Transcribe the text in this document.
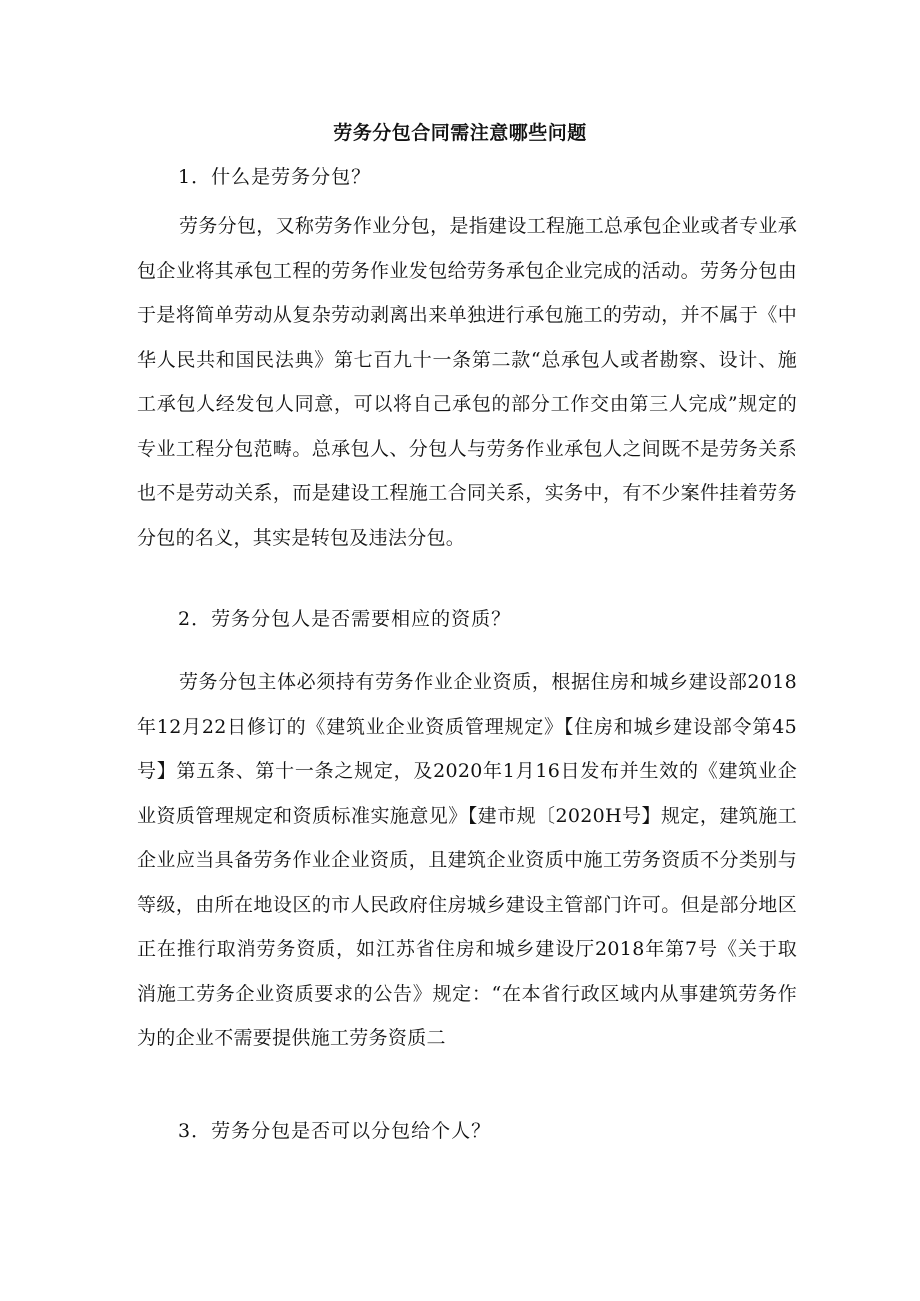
劳务分包合同需注意哪些问题
1．什么是劳务分包？
劳务分包，又称劳务作业分包，是指建设工程施工总承包企业或者专业承包企业将其承包工程的劳务作业发包给劳务承包企业完成的活动。劳务分包由于是将简单劳动从复杂劳动剥离出来单独进行承包施工的劳动，并不属于《中华人民共和国民法典》第七百九十一条第二款“总承包人或者勘察、设计、施工承包人经发包人同意，可以将自己承包的部分工作交由第三人完成”规定的专业工程分包范畴。总承包人、分包人与劳务作业承包人之间既不是劳务关系也不是劳动关系，而是建设工程施工合同关系，实务中，有不少案件挂着劳务分包的名义，其实是转包及违法分包。
2．劳务分包人是否需要相应的资质？
劳务分包主体必须持有劳务作业企业资质，根据住房和城乡建设部2018年12月22日修订的《建筑业企业资质管理规定》【住房和城乡建设部令第45号】第五条、第十一条之规定，及2020年1月16日发布并生效的《建筑业企业资质管理规定和资质标准实施意见》【建市规〔2020H号】规定，建筑施工企业应当具备劳务作业企业资质，且建筑企业资质中施工劳务资质不分类别与等级，由所在地设区的市人民政府住房城乡建设主管部门许可。但是部分地区正在推行取消劳务资质，如江苏省住房和城乡建设厅2018年第7号《关于取消施工劳务企业资质要求的公告》规定：“在本省行政区域内从事建筑劳务作为的企业不需要提供施工劳务资质二
3．劳务分包是否可以分包给个人？
